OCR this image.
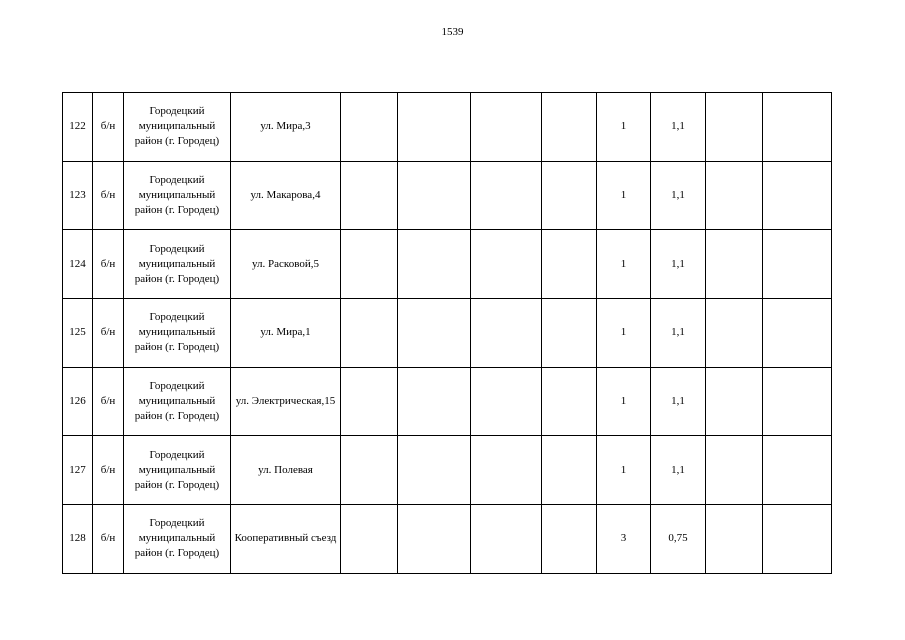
1539
122	б/н	Городецкий муниципальный район (г. Городец)	ул. Мира,3					1	1,1		
123	б/н	Городецкий муниципальный район (г. Городец)	ул. Макарова,4					1	1,1		
124	б/н	Городецкий муниципальный район (г. Городец)	ул. Расковой,5					1	1,1		
125	б/н	Городецкий муниципальный район (г. Городец)	ул. Мира,1					1	1,1		
126	б/н	Городецкий муниципальный район (г. Городец)	ул. Электрическая,15					1	1,1		
127	б/н	Городецкий муниципальный район (г. Городец)	ул. Полевая					1	1,1		
128	б/н	Городецкий муниципальный район (г. Городец)	Кооперативный съезд					3	0,75		
